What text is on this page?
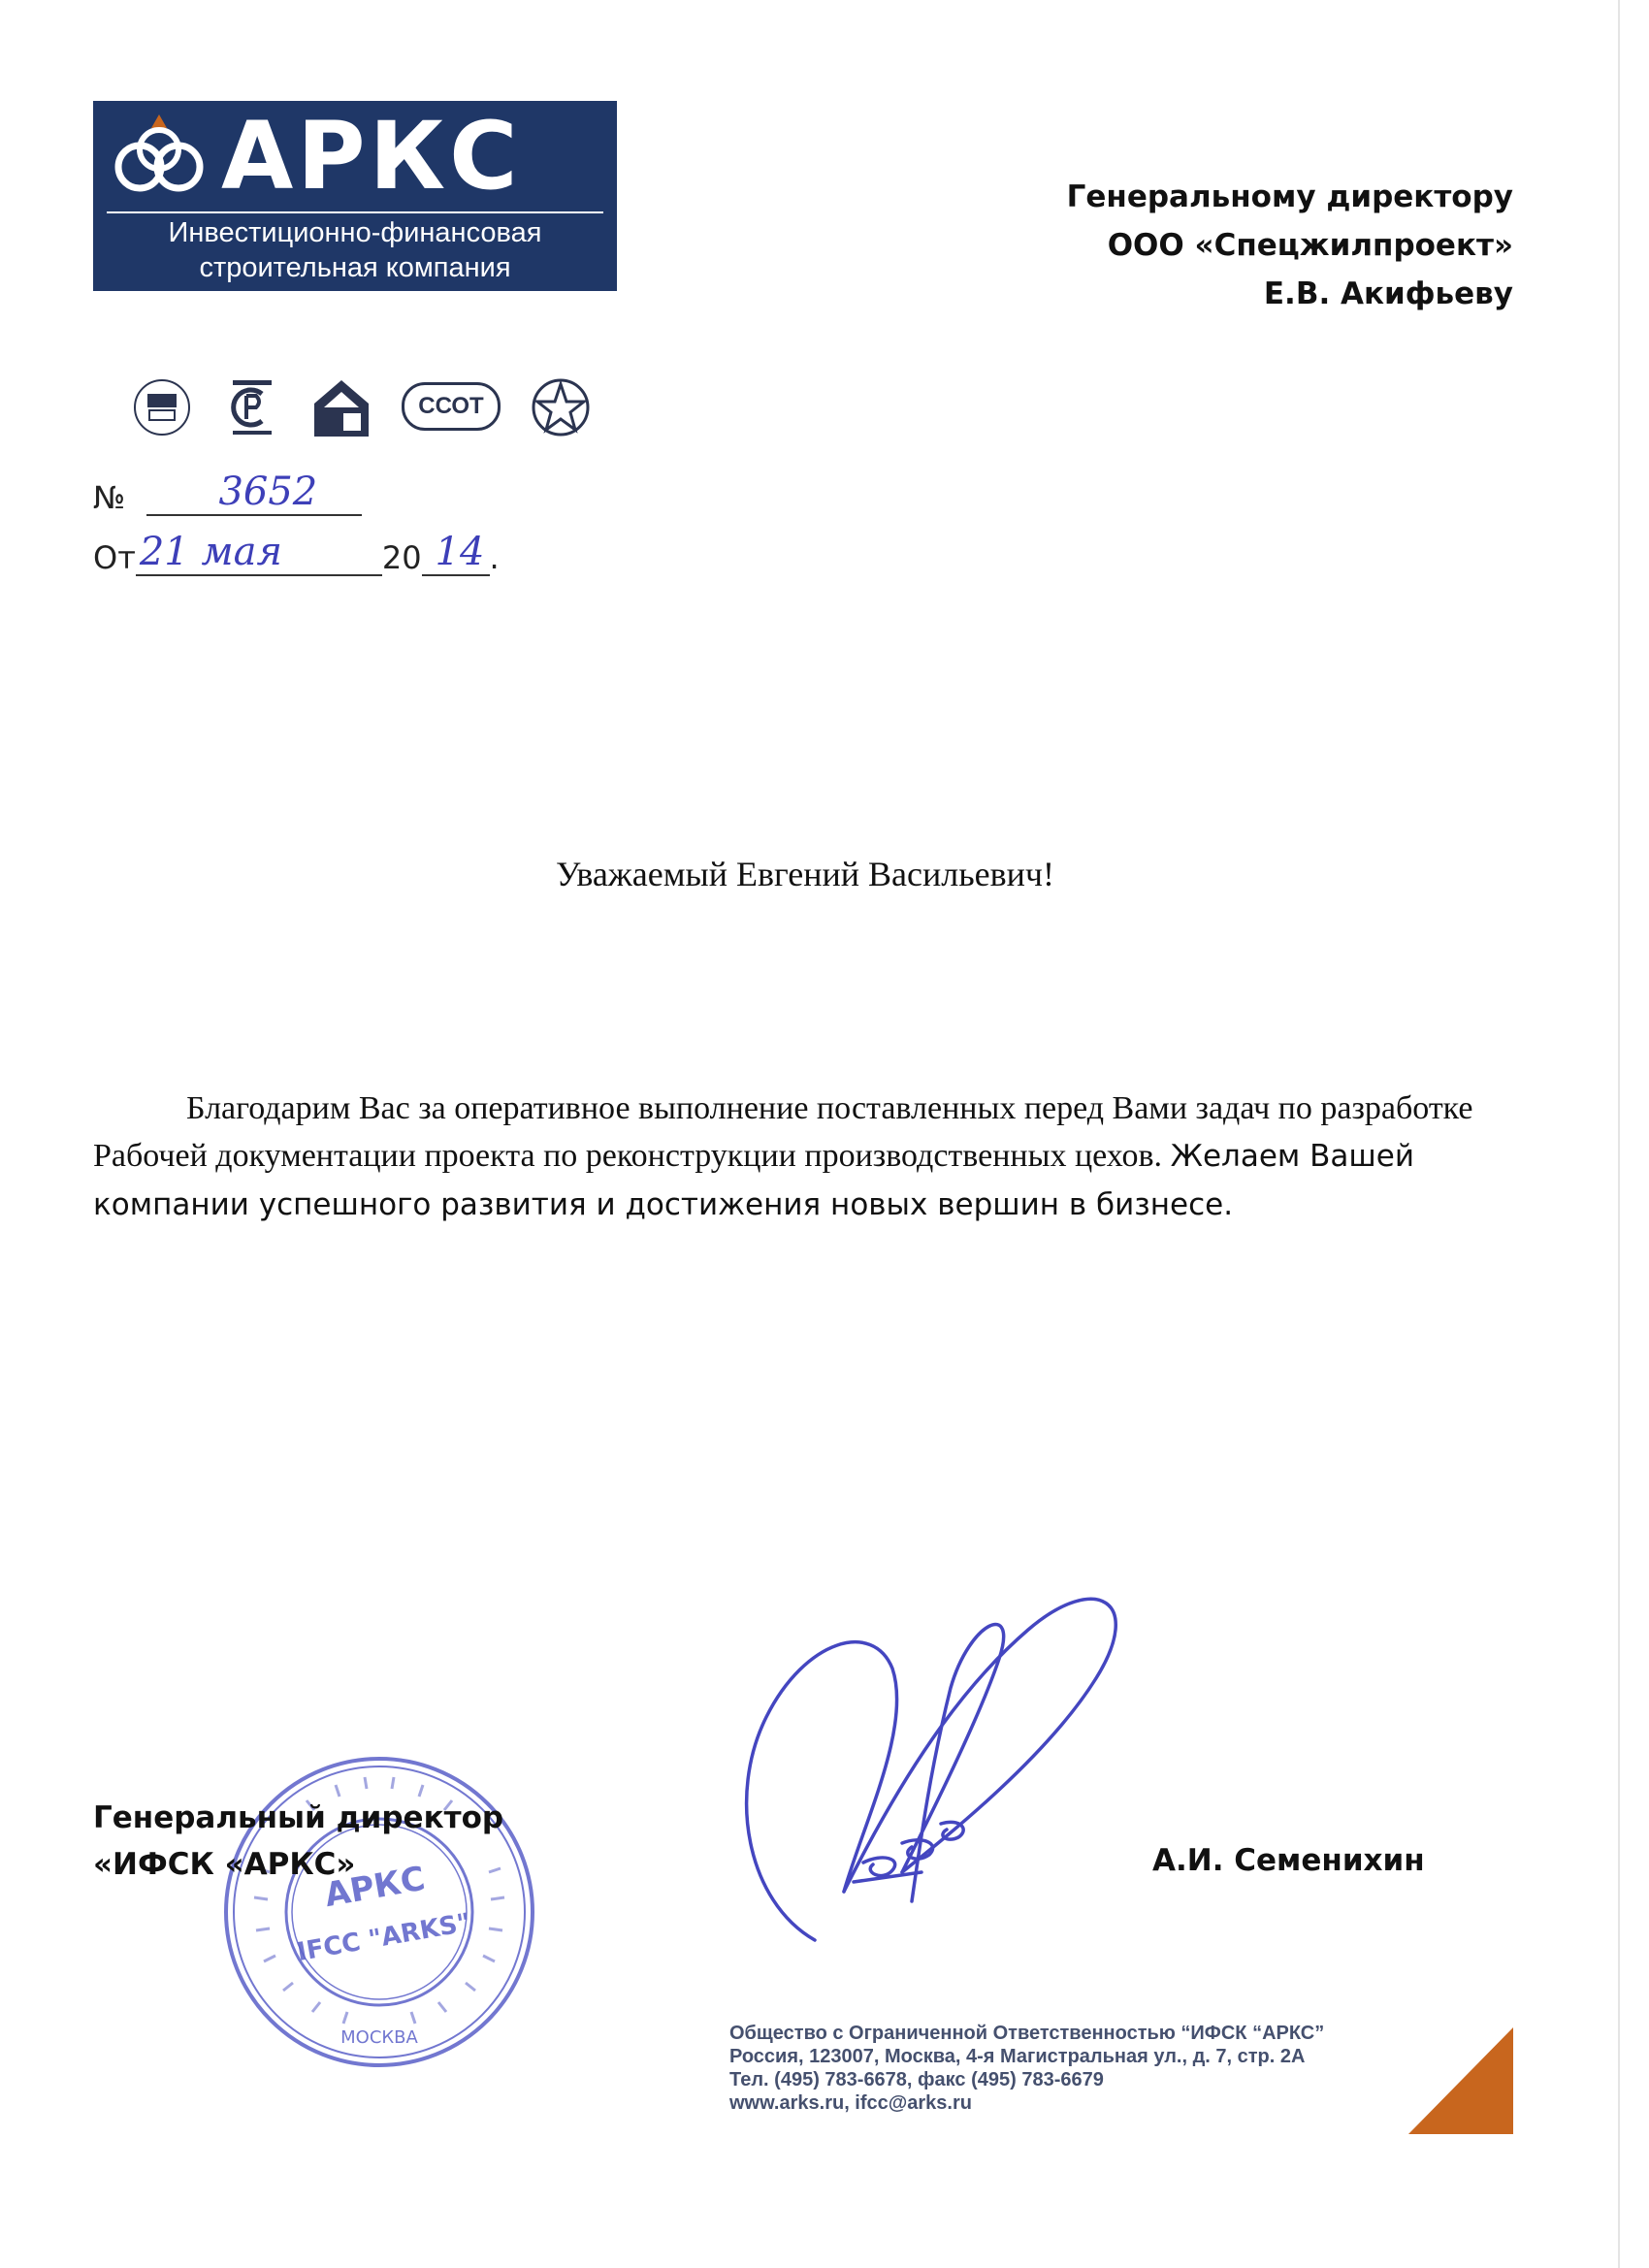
АРКС
Инвестиционно-финансовая
строительная компания
Генеральному директору
ООО «Спецжилпроект»
Е.В. Акифьеву
ССОТ
№ 3652
От 21 мая	20 14 .
Уважаемый Евгений Васильевич!
Благодарим Вас за оперативное выполнение поставленных перед Вами задач по разработке Рабочей документации проекта по реконструкции производственных цехов. Желаем Вашей компании успешного развития и достижения новых вершин в бизнесе.
АРКС
IFCC "ARKS"
МОСКВА
Генеральный директор
«ИФСК «АРКС»	А.И. Семенихин
Общество с Ограниченной Ответственностью “ИФСК “АРКС”
Россия, 123007, Москва, 4-я Магистральная ул., д. 7, стр. 2А
Тел. (495) 783-6678, факс (495) 783-6679
www.arks.ru, ifcc@arks.ru
